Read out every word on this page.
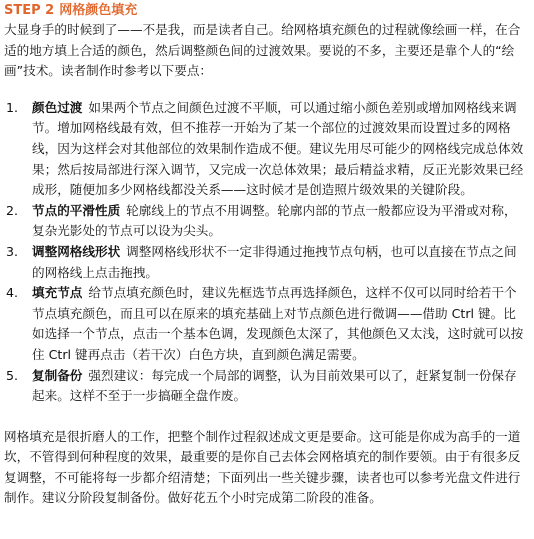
STEP 2 网格颜色填充

大显身手的时候到了——不是我，而是读者自己。给网格填充颜色的过程就像绘画一样，在合适的地方填上合适的颜色，然后调整颜色间的过渡效果。要说的不多，主要还是靠个人的“绘画”技术。读者制作时参考以下要点：

1. 颜色过渡 如果两个节点之间颜色过渡不平顺，可以通过缩小颜色差别或增加网格线来调节。增加网格线最有效，但不推荐一开始为了某一个部位的过渡效果而设置过多的网格线，因为这样会对其他部位的效果制作造成不便。建议先用尽可能少的网格线完成总体效果；然后按局部进行深入调节，又完成一次总体效果；最后精益求精，反正光影效果已经成形，随便加多少网格线都没关系——这时候才是创造照片级效果的关键阶段。
2. 节点的平滑性质 轮廓线上的节点不用调整。轮廓内部的节点一般都应设为平滑或对称，复杂光影处的节点可以设为尖头。
3. 调整网格线形状 调整网格线形状不一定非得通过拖拽节点句柄，也可以直接在节点之间的网格线上点击拖拽。
4. 填充节点 给节点填充颜色时，建议先框选节点再选择颜色，这样不仅可以同时给若干个节点填充颜色，而且可以在原来的填充基础上对节点颜色进行微调——借助 Ctrl 键。比如选择一个节点，点击一个基本色调，发现颜色太深了，其他颜色又太浅，这时就可以按住 Ctrl 键再点击（若干次）白色方块，直到颜色满足需要。
5. 复制备份 强烈建议：每完成一个局部的调整，认为目前效果可以了，赶紧复制一份保存起来。这样不至于一步搞砸全盘作废。

网格填充是很折磨人的工作，把整个制作过程叙述成文更是要命。这可能是你成为高手的一道坎，不管得到何种程度的效果，最重要的是你自己去体会网格填充的制作要领。由于有很多反复调整，不可能将每一步都介绍清楚；下面列出一些关键步骤，读者也可以参考光盘文件进行制作。建议分阶段复制备份。做好花五个小时完成第二阶段的准备。
